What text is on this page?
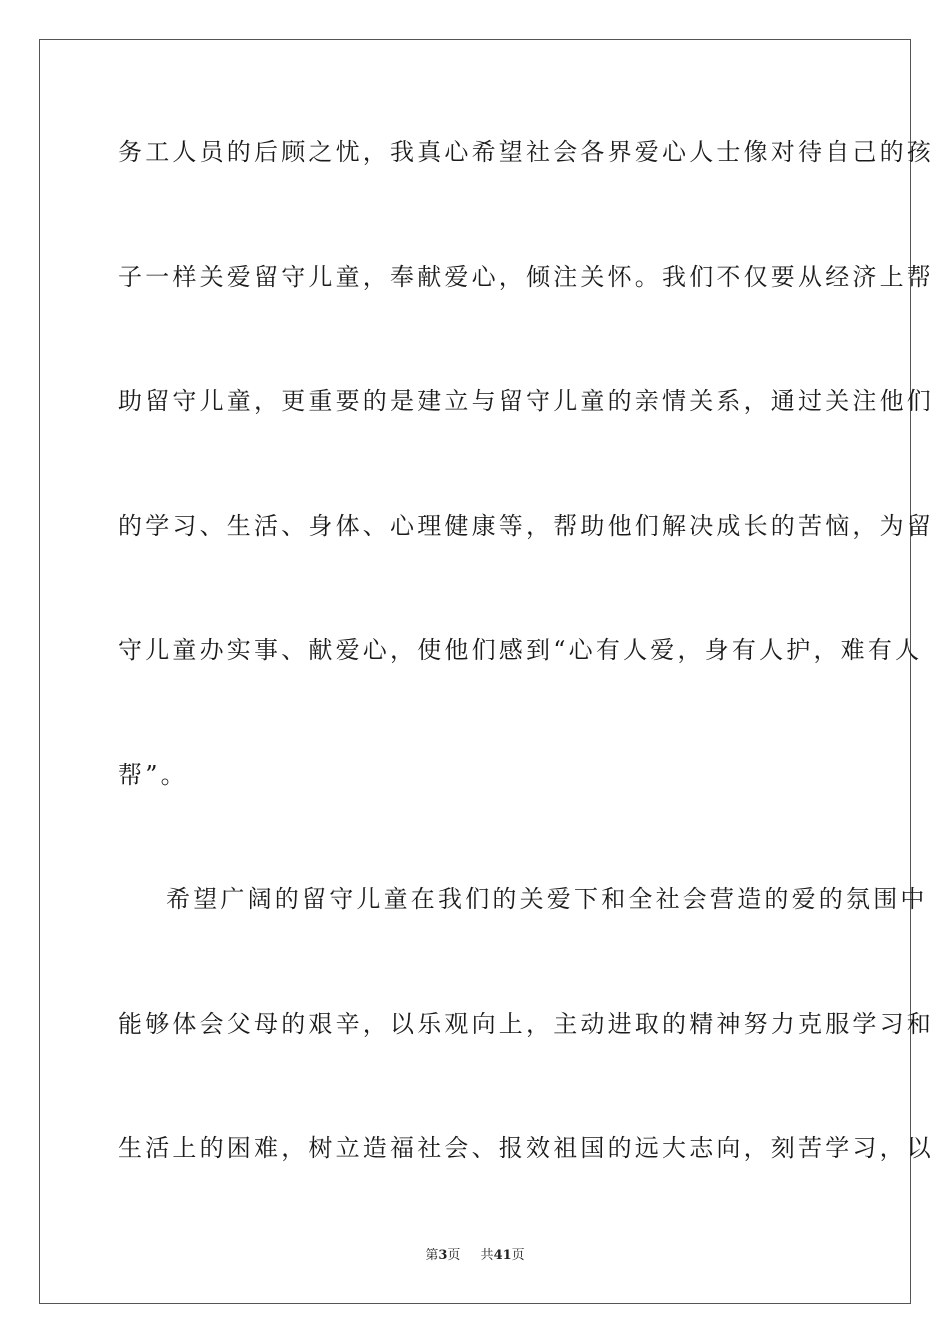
务工人员的后顾之忧，我真心希望社会各界爱心人士像对待自己的孩

子一样关爱留守儿童，奉献爱心，倾注关怀。我们不仅要从经济上帮

助留守儿童，更重要的是建立与留守儿童的亲情关系，通过关注他们

的学习、生活、身体、心理健康等，帮助他们解决成长的苦恼，为留

守儿童办实事、献爱心，使他们感到“心有人爱，身有人护，难有人

帮”。

希望广阔的留守儿童在我们的关爱下和全社会营造的爱的氛围中

能够体会父母的艰辛，以乐观向上，主动进取的精神努力克服学习和

生活上的困难，树立造福社会、报效祖国的远大志向，刻苦学习，以

第3页 共41页
